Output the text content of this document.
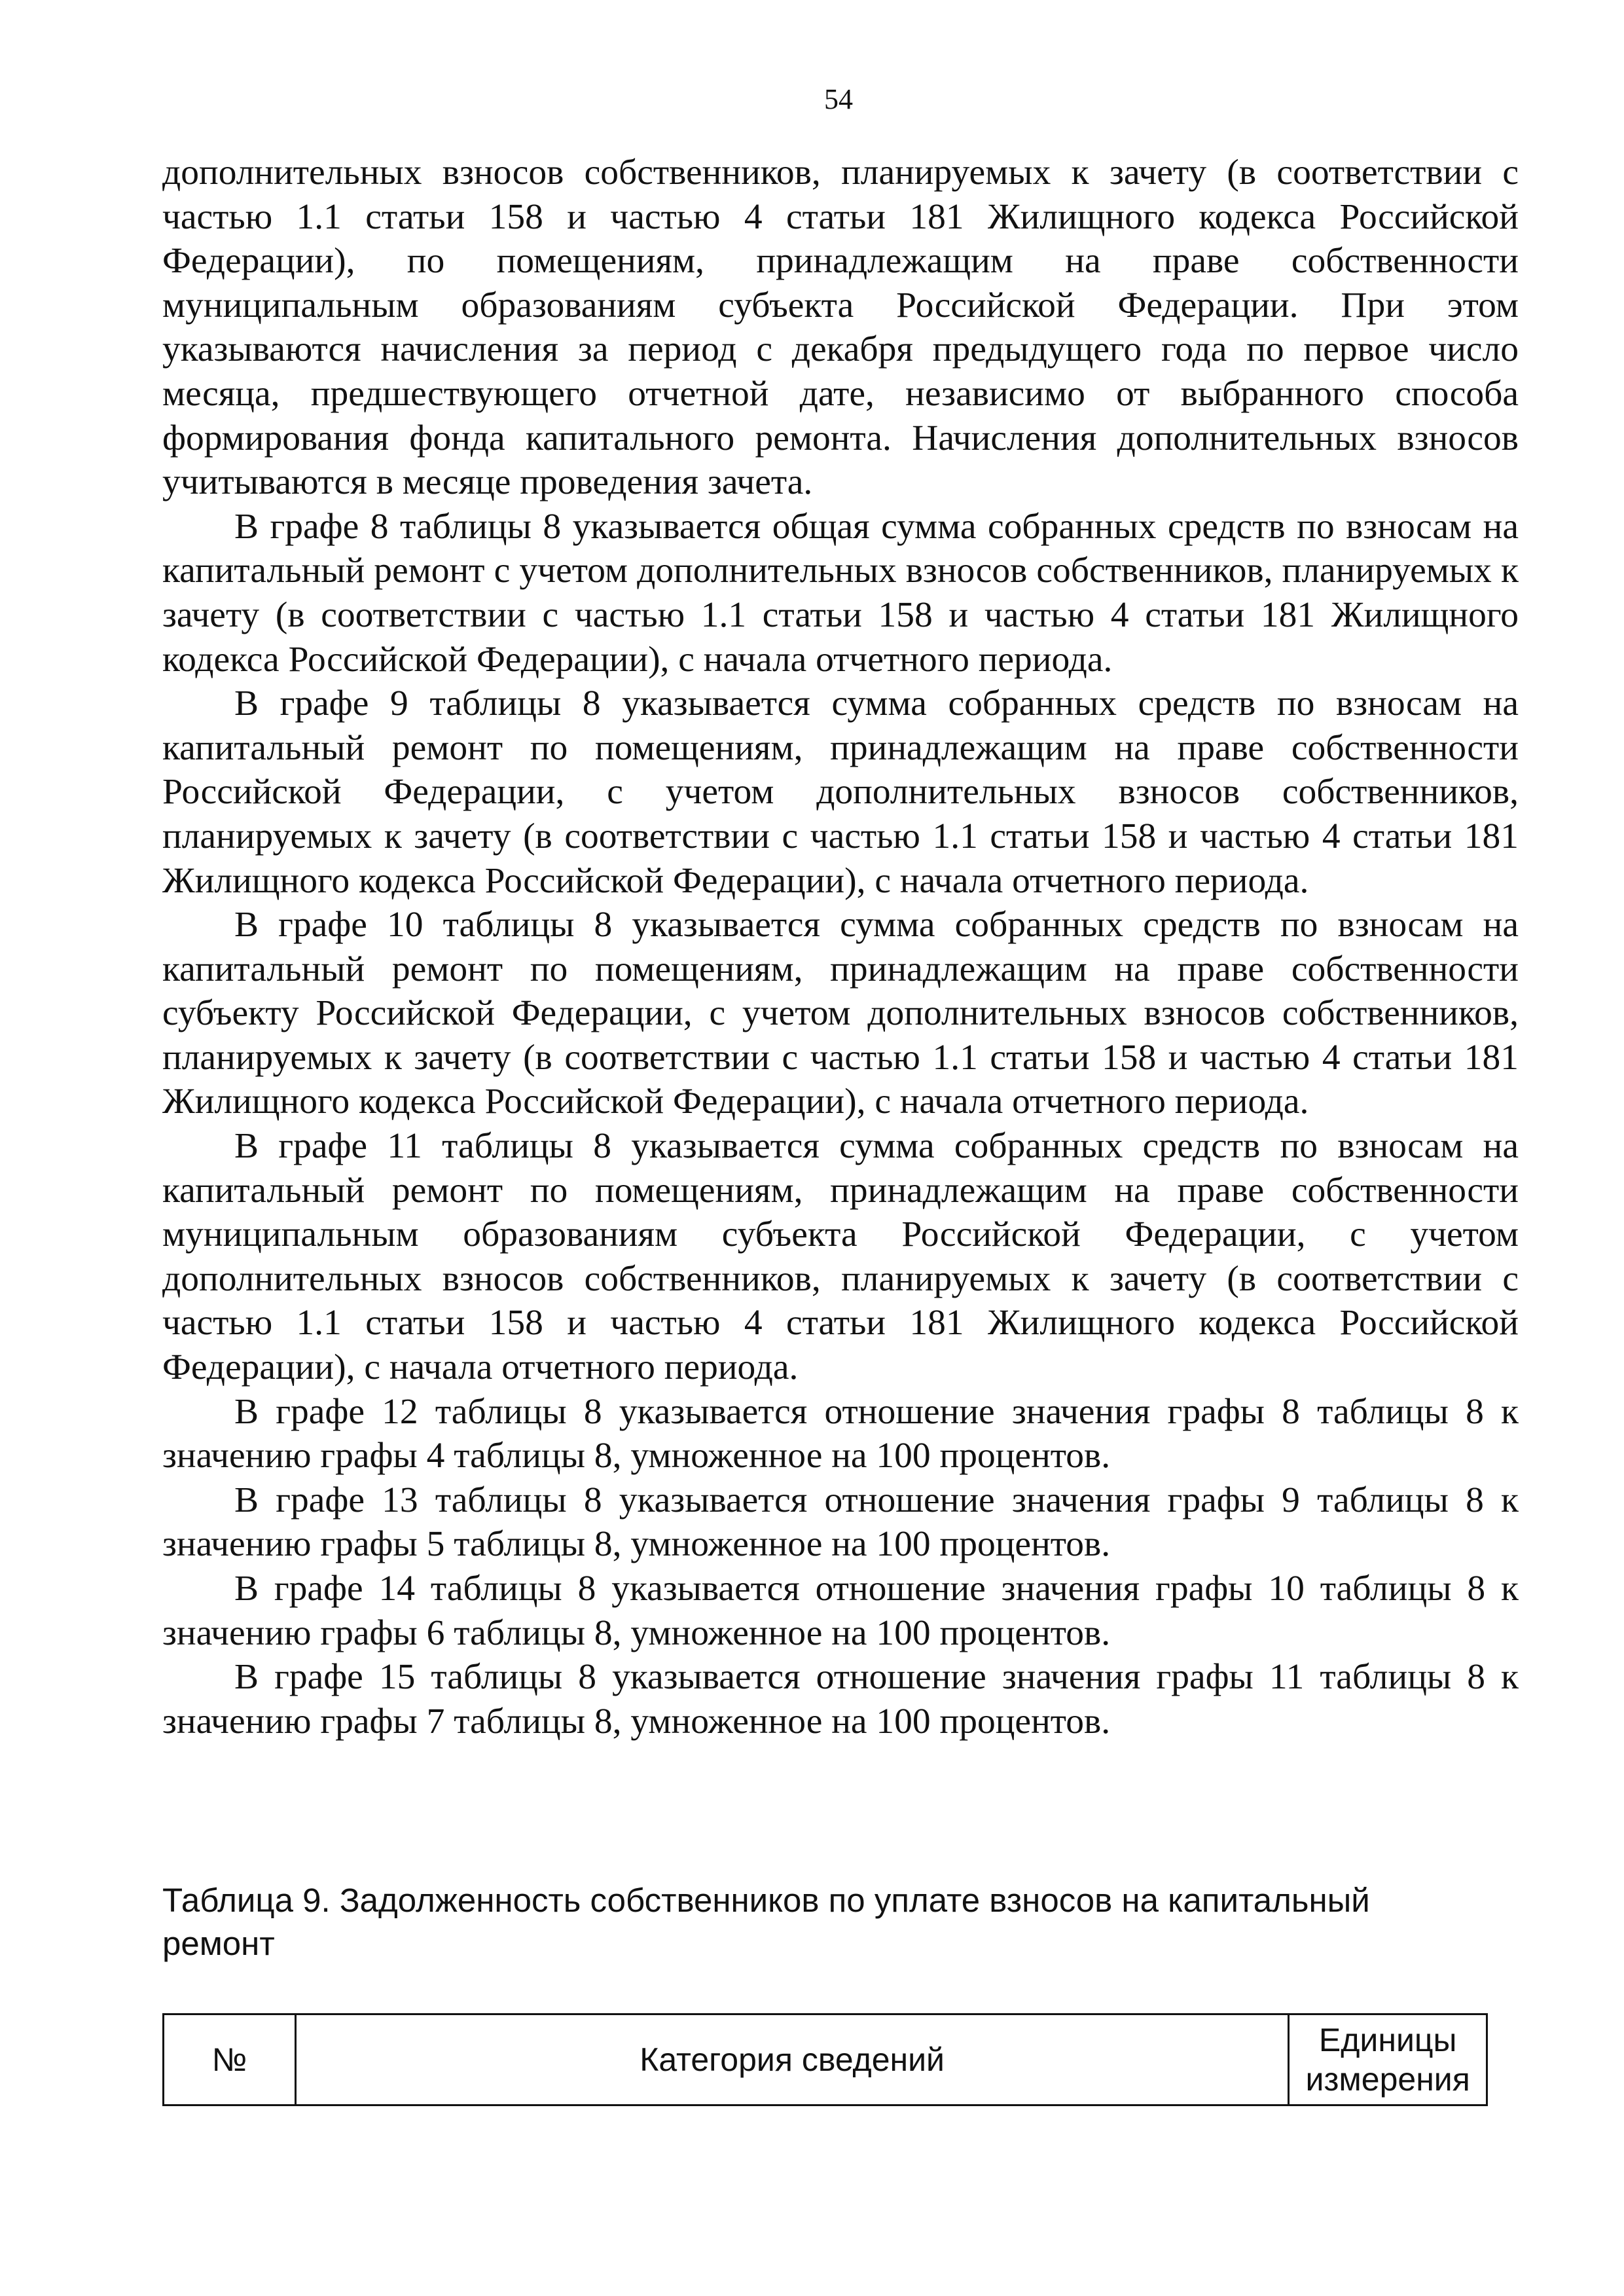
54

дополнительных взносов собственников, планируемых к зачету (в соответствии с частью 1.1 статьи 158 и частью 4 статьи 181 Жилищного кодекса Российской Федерации), по помещениям, принадлежащим на праве собственности муниципальным образованиям субъекта Российской Федерации. При этом указываются начисления за период с декабря предыдущего года по первое число месяца, предшествующего отчетной дате, независимо от выбранного способа формирования фонда капитального ремонта. Начисления дополнительных взносов учитываются в месяце проведения зачета.

В графе 8 таблицы 8 указывается общая сумма собранных средств по взносам на капитальный ремонт с учетом дополнительных взносов собственников, планируемых к зачету (в соответствии с частью 1.1 статьи 158 и частью 4 статьи 181 Жилищного кодекса Российской Федерации), с начала отчетного периода.

В графе 9 таблицы 8 указывается сумма собранных средств по взносам на капитальный ремонт по помещениям, принадлежащим на праве собственности Российской Федерации, с учетом дополнительных взносов собственников, планируемых к зачету (в соответствии с частью 1.1 статьи 158 и частью 4 статьи 181 Жилищного кодекса Российской Федерации), с начала отчетного периода.

В графе 10 таблицы 8 указывается сумма собранных средств по взносам на капитальный ремонт по помещениям, принадлежащим на праве собственности субъекту Российской Федерации, с учетом дополнительных взносов собственников, планируемых к зачету (в соответствии с частью 1.1 статьи 158 и частью 4 статьи 181 Жилищного кодекса Российской Федерации), с начала отчетного периода.

В графе 11 таблицы 8 указывается сумма собранных средств по взносам на капитальный ремонт по помещениям, принадлежащим на праве собственности муниципальным образованиям субъекта Российской Федерации, с учетом дополнительных взносов собственников, планируемых к зачету (в соответствии с частью 1.1 статьи 158 и частью 4 статьи 181 Жилищного кодекса Российской Федерации), с начала отчетного периода.

В графе 12 таблицы 8 указывается отношение значения графы 8 таблицы 8 к значению графы 4 таблицы 8, умноженное на 100 процентов.

В графе 13 таблицы 8 указывается отношение значения графы 9 таблицы 8 к значению графы 5 таблицы 8, умноженное на 100 процентов.

В графе 14 таблицы 8 указывается отношение значения графы 10 таблицы 8 к значению графы 6 таблицы 8, умноженное на 100 процентов.

В графе 15 таблицы 8 указывается отношение значения графы 11 таблицы 8 к значению графы 7 таблицы 8, умноженное на 100 процентов.

Таблица 9. Задолженность собственников по уплате взносов на капитальный ремонт

№	Категория сведений	Единицы измерения
